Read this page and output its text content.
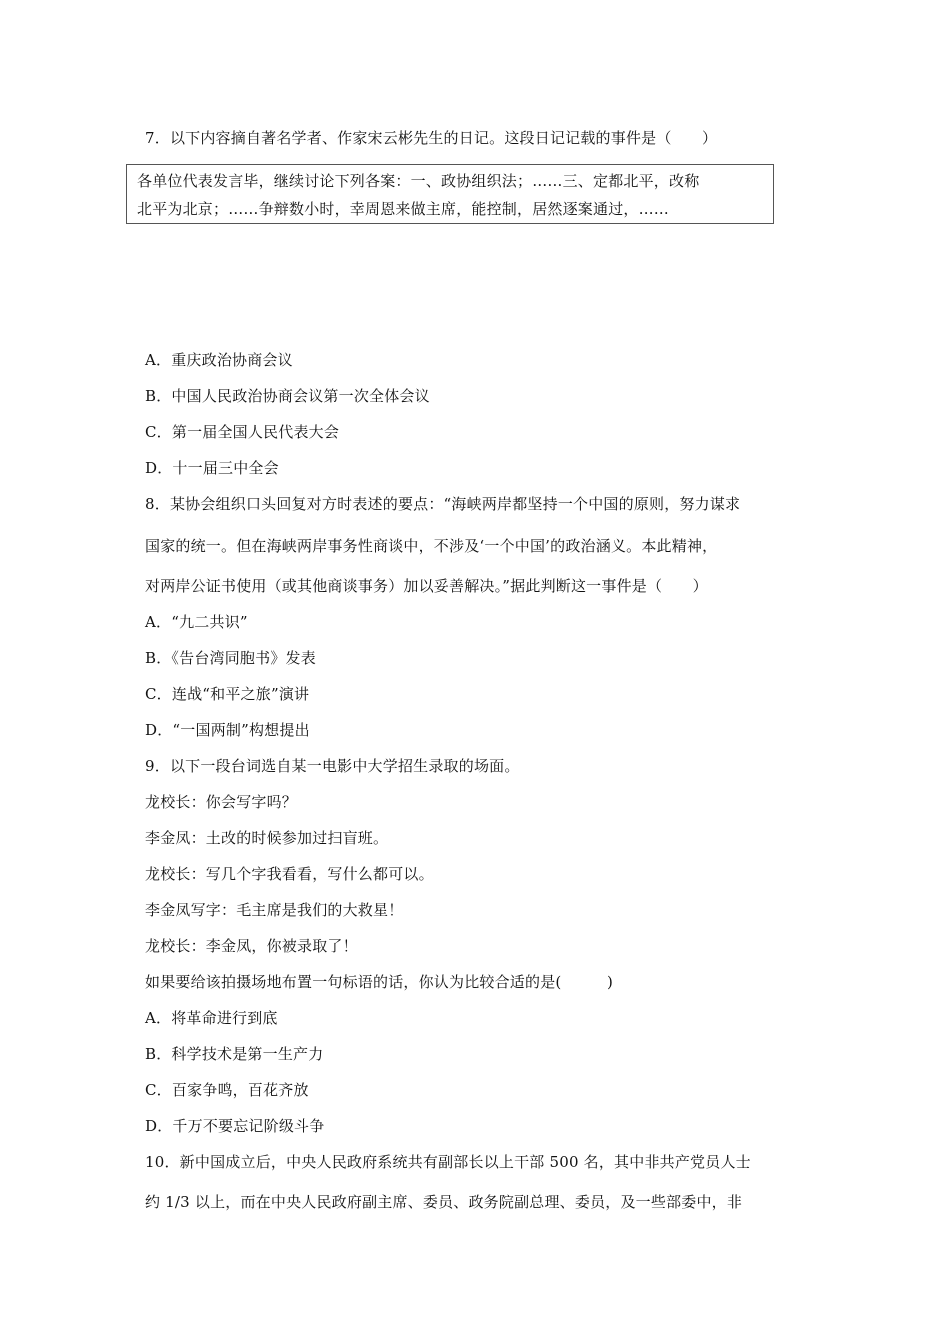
7．以下内容摘自著名学者、作家宋云彬先生的日记。这段日记记载的事件是（　　）
各单位代表发言毕，继续讨论下列各案：一、政协组织法；……三、定都北平，改称
北平为北京；……争辩数小时，幸周恩来做主席，能控制，居然逐案通过，……
A．重庆政治协商会议
B．中国人民政治协商会议第一次全体会议
C．第一届全国人民代表大会
D．十一届三中全会
8．某协会组织口头回复对方时表述的要点：“海峡两岸都坚持一个中国的原则，努力谋求
国家的统一。但在海峡两岸事务性商谈中，不涉及‘一个中国’的政治涵义。本此精神，
对两岸公证书使用（或其他商谈事务）加以妥善解决。”据此判断这一事件是（　　）
A．“九二共识”
B．《告台湾同胞书》发表
C．连战“和平之旅”演讲
D．“一国两制”构想提出
9．以下一段台词选自某一电影中大学招生录取的场面。
龙校长：你会写字吗？
李金凤：土改的时候参加过扫盲班。
龙校长：写几个字我看看，写什么都可以。
李金凤写字：毛主席是我们的大救星！
龙校长：李金凤，你被录取了！
如果要给该拍摄场地布置一句标语的话，你认为比较合适的是(　　　)
A．将革命进行到底
B．科学技术是第一生产力
C．百家争鸣，百花齐放
D．千万不要忘记阶级斗争
10．新中国成立后，中央人民政府系统共有副部长以上干部 500 名，其中非共产党员人士
约 1/3 以上，而在中央人民政府副主席、委员、政务院副总理、委员，及一些部委中，非
